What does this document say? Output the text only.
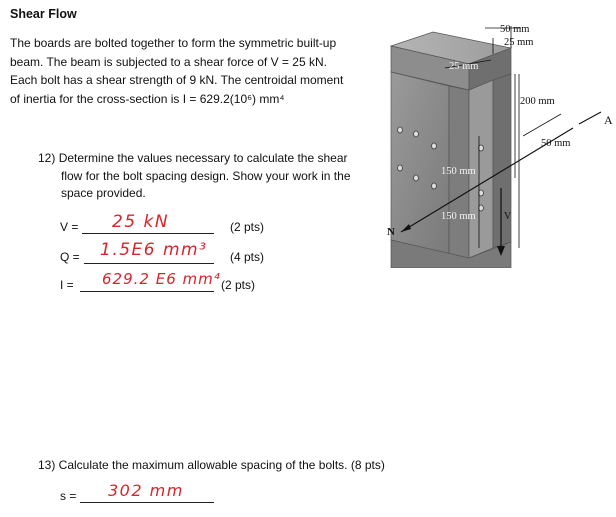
Shear Flow
The boards are bolted together to form the symmetric built-up
beam. The beam is subjected to a shear force of V = 25 kN.
Each bolt has a shear strength of 9 kN. The centroidal moment
of inertia for the cross-section is I = 629.2(10⁶) mm⁴
12) Determine the values necessary to calculate the shear
flow for the bolt spacing design. Show your work in the
space provided.
V = 25 kN	(2 pts)
Q = 1.5E6 mm³ (4 pts)
I = 629.2 E6 mm⁴ (2 pts)
13) Calculate the maximum allowable spacing of the bolts. (8 pts)
s = 302 mm
50 mm
25 mm
25 mm
200 mm
50 mm
A
150 mm
150 mm	V
N
